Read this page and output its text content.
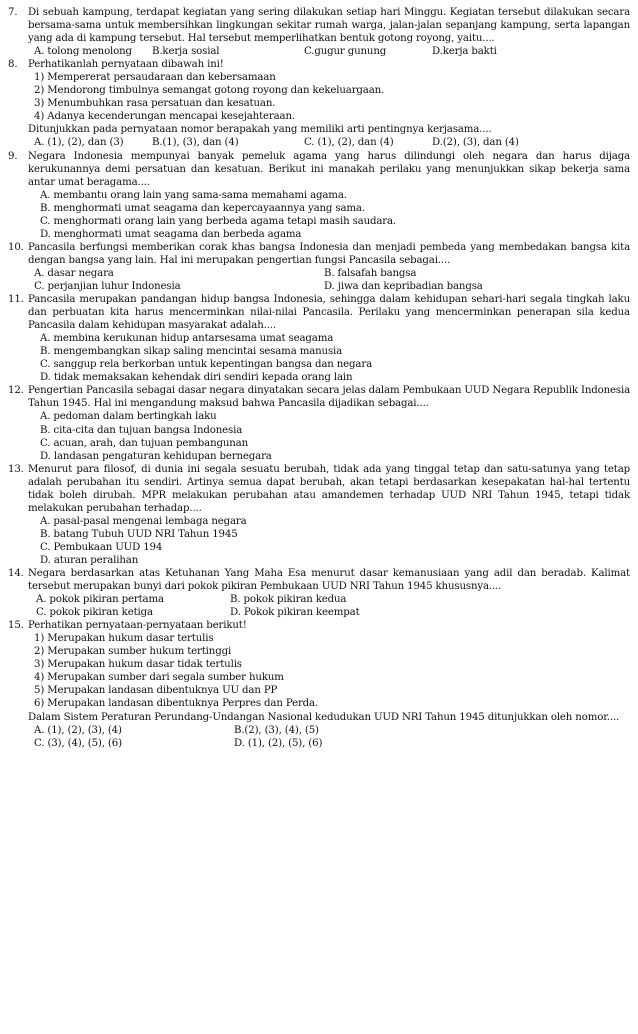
7.	Di sebuah kampung, terdapat kegiatan yang sering dilakukan setiap hari Minggu. Kegiatan tersebut dilakukan secara bersama-sama untuk membersihkan lingkungan sekitar rumah warga, jalan-jalan sepanjang kampung, serta lapangan yang ada di kampung tersebut. Hal tersebut memperlihatkan bentuk gotong royong, yaitu....
A. tolong menolong	B.kerja sosial	C.gugur gunung	D.kerja bakti
8.	Perhatikanlah pernyataan dibawah ini!
1) Mempererat persaudaraan dan kebersamaan
2) Mendorong timbulnya semangat gotong royong dan kekeluargaan.
3) Menumbuhkan rasa persatuan dan kesatuan.
4) Adanya kecenderungan mencapai kesejahteraan.
Ditunjukkan pada pernyataan nomor berapakah yang memiliki arti pentingnya kerjasama....
A. (1), (2), dan (3)	B.(1), (3), dan (4)	C. (1), (2), dan (4)	D.(2), (3), dan (4)
9.	Negara Indonesia mempunyai banyak pemeluk agama yang harus dilindungi oleh negara dan harus dijaga kerukunannya demi persatuan dan kesatuan. Berikut ini manakah perilaku yang menunjukkan sikap bekerja sama antar umat beragama....
A. membantu orang lain yang sama-sama memahami agama.
B. menghormati umat seagama dan kepercayaannya yang sama.
C. menghormati orang lain yang berbeda agama tetapi masih saudara.
D. menghormati umat seagama dan berbeda agama
10. Pancasila berfungsi memberikan corak khas bangsa Indonesia dan menjadi pembeda yang membedakan bangsa kita dengan bangsa yang lain. Hal ini merupakan pengertian fungsi Pancasila sebagai....
A. dasar negara	B. falsafah bangsa
C. perjanjian luhur Indonesia	D. jiwa dan kepribadian bangsa
11. Pancasila merupakan pandangan hidup bangsa Indonesia, sehingga dalam kehidupan sehari-hari segala tingkah laku dan perbuatan kita harus mencerminkan nilai-nilai Pancasila. Perilaku yang mencerminkan penerapan sila kedua Pancasila dalam kehidupan masyarakat adalah....
A. membina kerukunan hidup antarsesama umat seagama
B. mengembangkan sikap saling mencintai sesama manusia
C. sanggup rela berkorban untuk kepentingan bangsa dan negara
D. tidak memaksakan kehendak diri sendiri kepada orang lain
12. Pengertian Pancasila sebagai dasar negara dinyatakan secara jelas dalam Pembukaan UUD Negara Republik Indonesia Tahun 1945. Hal ini mengandung maksud bahwa Pancasila dijadikan sebagai....
A. pedoman dalam bertingkah laku
B. cita-cita dan tujuan bangsa Indonesia
C. acuan, arah, dan tujuan pembangunan
D. landasan pengaturan kehidupan bernegara
13. Menurut para filosof, di dunia ini segala sesuatu berubah, tidak ada yang tinggal tetap dan satu-satunya yang tetap adalah perubahan itu sendiri. Artinya semua dapat berubah, akan tetapi berdasarkan kesepakatan hal-hal tertentu tidak boleh dirubah. MPR melakukan perubahan atau amandemen terhadap UUD NRI Tahun 1945, tetapi tidak melakukan perubahan terhadap....
A. pasal-pasal mengenai lembaga negara
B. batang Tubuh UUD NRI Tahun 1945
C. Pembukaan UUD 194
D. aturan peralihan
14. Negara berdasarkan atas Ketuhanan Yang Maha Esa menurut dasar kemanusiaan yang adil dan beradab. Kalimat tersebut merupakan bunyi dari pokok pikiran Pembukaan UUD NRI Tahun 1945 khususnya....
A. pokok pikiran pertama	B. pokok pikiran kedua
C. pokok pikiran ketiga	D. Pokok pikiran keempat
15. Perhatikan pernyataan-pernyataan berikut!
1) Merupakan hukum dasar tertulis
2) Merupakan sumber hukum tertinggi
3) Merupakan hukum dasar tidak tertulis
4) Merupakan sumber dari segala sumber hukum
5) Merupakan landasan dibentuknya UU dan PP
6) Merupakan landasan dibentuknya Perpres dan Perda.
Dalam Sistem Peraturan Perundang-Undangan Nasional kedudukan UUD NRI Tahun 1945 ditunjukkan oleh nomor....
A. (1), (2), (3), (4)	B.(2), (3), (4), (5)
C. (3), (4), (5), (6)	D. (1), (2), (5), (6)
